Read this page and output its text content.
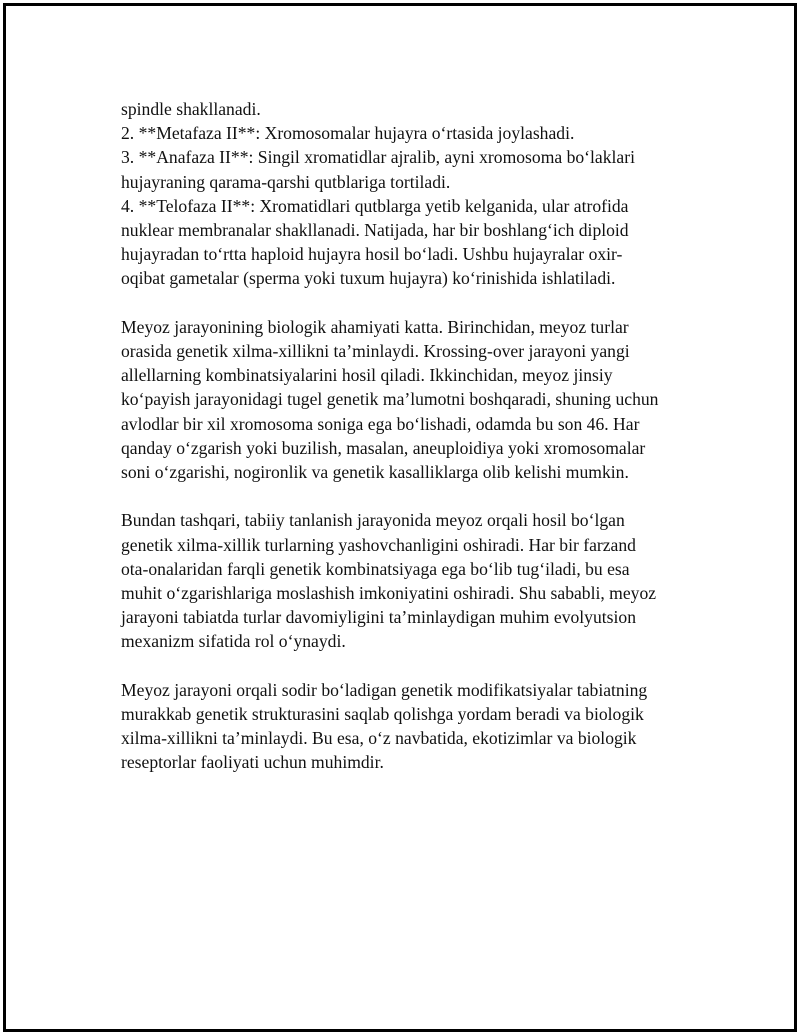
spindle shakllanadi.
2. **Metafaza II**: Xromosomalar hujayra o‘rtasida joylashadi.
3. **Anafaza II**: Singil xromatidlar ajralib, ayni xromosoma bo‘laklari
hujayraning qarama-qarshi qutblariga tortiladi.
4. **Telofaza II**: Xromatidlari qutblarga yetib kelganida, ular atrofida
nuklear membranalar shakllanadi. Natijada, har bir boshlang‘ich diploid
hujayradan to‘rtta haploid hujayra hosil bo‘ladi. Ushbu hujayralar oxir-
oqibat gametalar (sperma yoki tuxum hujayra) ko‘rinishida ishlatiladi.
Meyoz jarayonining biologik ahamiyati katta. Birinchidan, meyoz turlar
orasida genetik xilma-xillikni ta’minlaydi. Krossing-over jarayoni yangi
allellarning kombinatsiyalarini hosil qiladi. Ikkinchidan, meyoz jinsiy
ko‘payish jarayonidagi tugel genetik ma’lumotni boshqaradi, shuning uchun
avlodlar bir xil xromosoma soniga ega bo‘lishadi, odamda bu son 46. Har
qanday o‘zgarish yoki buzilish, masalan, aneuploidiya yoki xromosomalar
soni o‘zgarishi, nogironlik va genetik kasalliklarga olib kelishi mumkin.
Bundan tashqari, tabiiy tanlanish jarayonida meyoz orqali hosil bo‘lgan
genetik xilma-xillik turlarning yashovchanligini oshiradi. Har bir farzand
ota-onalaridan farqli genetik kombinatsiyaga ega bo‘lib tug‘iladi, bu esa
muhit o‘zgarishlariga moslashish imkoniyatini oshiradi. Shu sababli, meyoz
jarayoni tabiatda turlar davomiyligini ta’minlaydigan muhim evolyutsion
mexanizm sifatida rol o‘ynaydi.
Meyoz jarayoni orqali sodir bo‘ladigan genetik modifikatsiyalar tabiatning
murakkab genetik strukturasini saqlab qolishga yordam beradi va biologik
xilma-xillikni ta’minlaydi. Bu esa, o‘z navbatida, ekotizimlar va biologik
reseptorlar faoliyati uchun muhimdir.
